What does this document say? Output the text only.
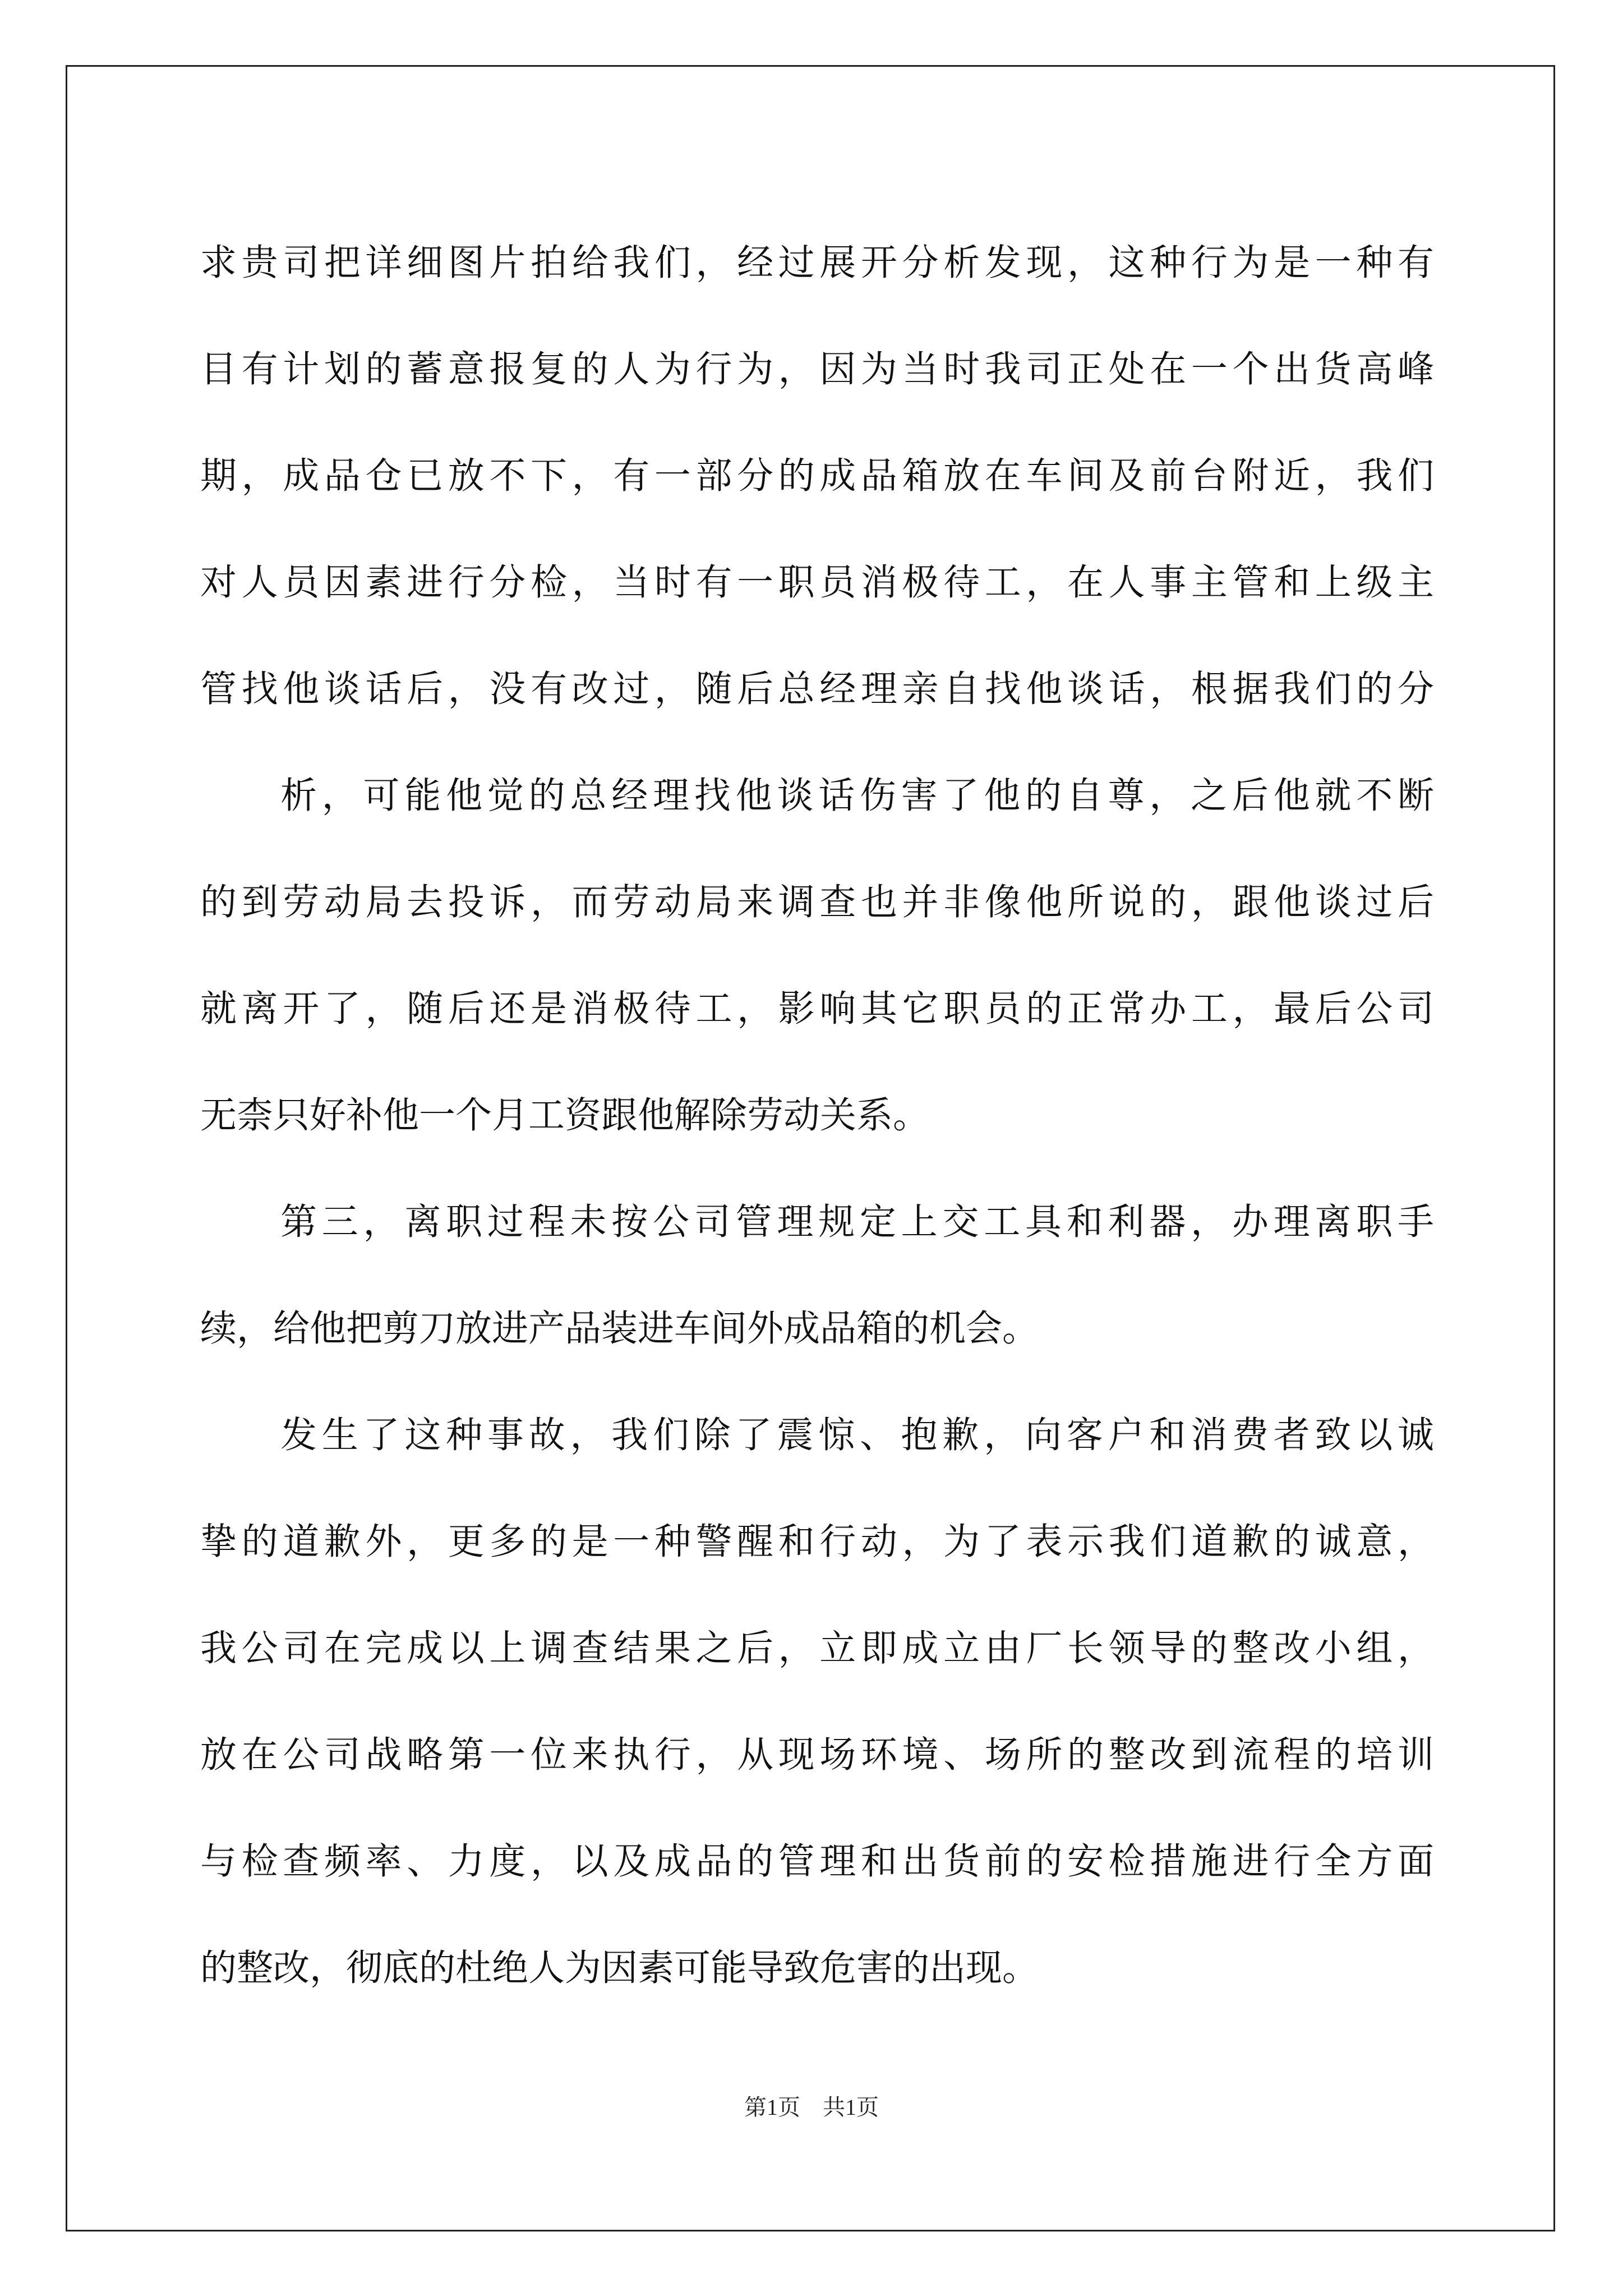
求贵司把详细图片拍给我们，经过展开分析发现，这种行为是一种有
目有计划的蓄意报复的人为行为，因为当时我司正处在一个出货高峰
期，成品仓已放不下，有一部分的成品箱放在车间及前台附近，我们
对人员因素进行分检，当时有一职员消极待工，在人事主管和上级主
管找他谈话后，没有改过，随后总经理亲自找他谈话，根据我们的分
析，可能他觉的总经理找他谈话伤害了他的自尊，之后他就不断
的到劳动局去投诉，而劳动局来调查也并非像他所说的，跟他谈过后
就离开了，随后还是消极待工，影响其它职员的正常办工，最后公司
无柰只好补他一个月工资跟他解除劳动关系。
第三，离职过程未按公司管理规定上交工具和利器，办理离职手
续，给他把剪刀放进产品装进车间外成品箱的机会。
发生了这种事故，我们除了震惊、抱歉，向客户和消费者致以诚
挚的道歉外，更多的是一种警醒和行动，为了表示我们道歉的诚意，
我公司在完成以上调查结果之后，立即成立由厂长领导的整改小组，
放在公司战略第一位来执行，从现场环境、场所的整改到流程的培训
与检查频率、力度，以及成品的管理和出货前的安检措施进行全方面
的整改，彻底的杜绝人为因素可能导致危害的出现。
第1页　共1页
